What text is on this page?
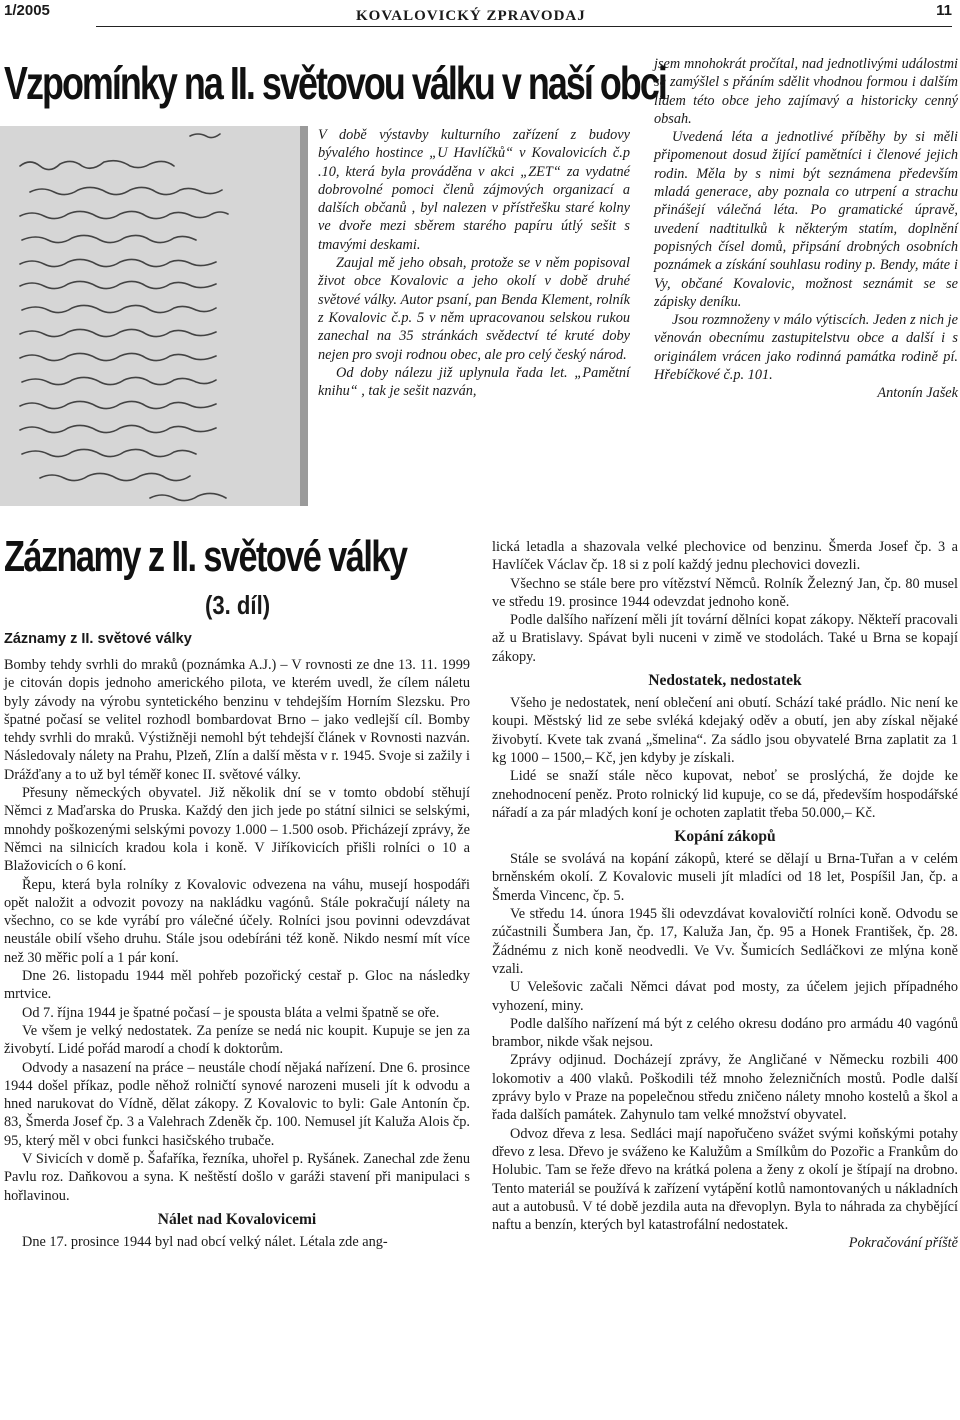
1/2005	KOVALOVICKÝ ZPRAVODAJ	11
Vzpomínky na II. světovou válku v naší obci

V době výstavby kulturního zařízení z budovy bývalého hostince „U Havlíčků“ v Kovalovicích č.p .10, která byla prováděna v akci „ZET“ za vydatné dobrovolné pomoci členů zájmových organizací a dalších občanů , byl nalezen v přístřešku staré kolny ve dvoře mezi sběrem starého papíru útlý sešit s tmavými deskami.

Zaujal mě jeho obsah, protože se v něm popisoval život obce Kovalovic a jeho okolí v době druhé světové války. Autor psaní, pan Benda Klement, rolník z Kovalovic č.p. 5 v něm upracovanou selskou rukou zanechal na 35 stránkách svědectví té kruté doby nejen pro svoji rodnou obec, ale pro celý český národ.

Od doby nálezu již uplynula řada let. „Pamětní knihu“ , tak je sešit nazván,

jsem mnohokrát pročítal, nad jednotlivými událostmi se zamýšlel s přáním sdělit vhodnou formou i dalším lidem této obce jeho zajímavý a historicky cenný obsah.

Uvedená léta a jednotlivé příběhy by si měli připomenout dosud žijící pamětníci i členové jejich rodin. Měla by s nimi být seznámena především mladá generace, aby poznala co utrpení a strachu přinášejí válečná léta. Po gramatické úpravě, uvedení nadtitulků k některým statím, doplnění popisných čísel domů, připsání drobných osobních poznámek a získání souhlasu rodiny p. Bendy, máte i Vy, občané Kovalovic, možnost seznámit se se zápisky deníku.

Jsou rozmnoženy v málo výtiscích. Jeden z nich je věnován obecnímu zastupitelstvu obce a další i s originálem vrácen jako rodinná památka rodině pí. Hřebíčkové č.p. 101.

Antonín Jašek

Záznamy z II. světové války
(3. díl)
Záznamy z II. světové války

Bomby tehdy svrhli do mraků (poznámka A.J.) – V rovnosti ze dne 13. 11. 1999 je citován dopis jednoho amerického pilota, ve kterém uvedl, že cílem náletu byly závody na výrobu syntetického benzinu v tehdejším Horním Slezsku. Pro špatné počasí se velitel rozhodl bombardovat Brno – jako vedlejší cíl. Bomby tehdy svrhli do mraků. Výstižněji nemohl být tehdejší článek v Rovnosti nazván. Následovaly nálety na Prahu, Plzeň, Zlín a další města v r. 1945. Svoje si zažily i Drážďany a to už byl téměř konec II. světové války.

Přesuny německých obyvatel. Již několik dní se v tomto období stěhují Němci z Maďarska do Pruska. Každý den jich jede po státní silnici se selskými, mnohdy poškozenými selskými povozy 1.000 – 1.500 osob. Přicházejí zprávy, že Němci na silnicích kradou kola i koně. V Jiříkovicích přišli rolníci o 10 a Blažovicích o 6 koní.

Řepu, která byla rolníky z Kovalovic odvezena na váhu, musejí hospodáři opět naložit a odvozit povozy na nakládku vagónů. Stále pokračují nálety na všechno, co se kde vyrábí pro válečné účely. Rolníci jsou povinni odevzdávat neustále obilí všeho druhu. Stále jsou odebíráni též koně. Nikdo nesmí mít více než 30 měřic polí a 1 pár koní.

Dne 26. listopadu 1944 měl pohřeb pozořický cestař p. Gloc na následky mrtvice.

Od 7. října 1944 je špatné počasí – je spousta bláta a velmi špatně se oře.

Ve všem je velký nedostatek. Za peníze se nedá nic koupit. Kupuje se jen za živobytí. Lidé pořád marodí a chodí k doktorům.

Odvody a nasazení na práce – neustále chodí nějaká nařízení. Dne 6. prosince 1944 došel příkaz, podle něhož rolničtí synové narozeni museli jít k odvodu a hned narukovat do Vídně, dělat zákopy. Z Kovalovic to byli: Gale Antonín čp. 83, Šmerda Josef čp. 3 a Valehrach Zdeněk čp. 100. Nemusel jít Kaluža Alois čp. 95, který měl v obci funkci hasičského trubače.

V Sivicích v domě p. Šafaříka, řezníka, uhořel p. Ryšánek. Zanechal zde ženu Pavlu roz. Daňkovou a syna. K neštěstí došlo v garáži stavení při manipulaci s hořlavinou.

Nálet nad Kovalovicemi

Dne 17. prosince 1944 byl nad obcí velký nálet. Létala zde ang-

lická letadla a shazovala velké plechovice od benzinu. Šmerda Josef čp. 3 a Havlíček Václav čp. 18 si z polí každý jednu plechovici dovezli.

Všechno se stále bere pro vítězství Němců. Rolník Železný Jan, čp. 80 musel ve středu 19. prosince 1944 odevzdat jednoho koně.

Podle dalšího nařízení měli jít tovární dělníci kopat zákopy. Někteří pracovali až u Bratislavy. Spávat byli nuceni v zimě ve stodolách. Také u Brna se kopají zákopy.

Nedostatek, nedostatek

Všeho je nedostatek, není oblečení ani obutí. Schází také prádlo. Nic není ke koupi. Městský lid ze sebe svléká kdejaký oděv a obutí, jen aby získal nějaké živobytí. Kvete tak zvaná „šmelina“. Za sádlo jsou obyvatelé Brna zaplatit za 1 kg 1000 – 1500,– Kč, jen kdyby je získali.

Lidé se snaží stále něco kupovat, neboť se proslýchá, že dojde ke znehodnocení peněz. Proto rolnický lid kupuje, co se dá, především hospodářské nářadí a za pár mladých koní je ochoten zaplatit třeba 50.000,– Kč.

Kopání zákopů

Stále se svolává na kopání zákopů, které se dělají u Brna-Tuřan a v celém brněnském okolí. Z Kovalovic museli jít mladíci od 18 let, Pospíšil Jan, čp. a Šmerda Vincenc, čp. 5.

Ve středu 14. února 1945 šli odevzdávat kovalovičtí rolníci koně. Odvodu se zúčastnili Šumbera Jan, čp. 17, Kaluža Jan, čp. 95 a Honek František, čp. 28. Žádnému z nich koně neodvedli. Ve Vv. Šumicích Sedláčkovi ze mlýna koně vzali.

U Velešovic začali Němci dávat pod mosty, za účelem jejich případného vyhození, miny.

Podle dalšího nařízení má být z celého okresu dodáno pro armádu 40 vagónů brambor, nikde však nejsou.

Zprávy odjinud. Docházejí zprávy, že Angličané v Německu rozbili 400 lokomotiv a 400 vlaků. Poškodili též mnoho železničních mostů. Podle další zprávy bylo v Praze na popelečnou středu zničeno nálety mnoho kostelů a škol a řada dalších památek. Zahynulo tam velké množství obyvatel.

Odvoz dřeva z lesa. Sedláci mají napořučeno svážet svými koňskými potahy dřevo z lesa. Dřevo je sváženo ke Kalužům a Smílkům do Pozořic a Frankům do Holubic. Tam se řeže dřevo na krátká polena a ženy z okolí je štípají na drobno. Tento materiál se používá k zařízení vytápění kotlů namontovaných u nákladních aut a autobusů. V té době jezdila auta na dřevoplyn. Byla to náhrada za chybějící naftu a benzín, kterých byl katastrofální nedostatek.

Pokračování příště
